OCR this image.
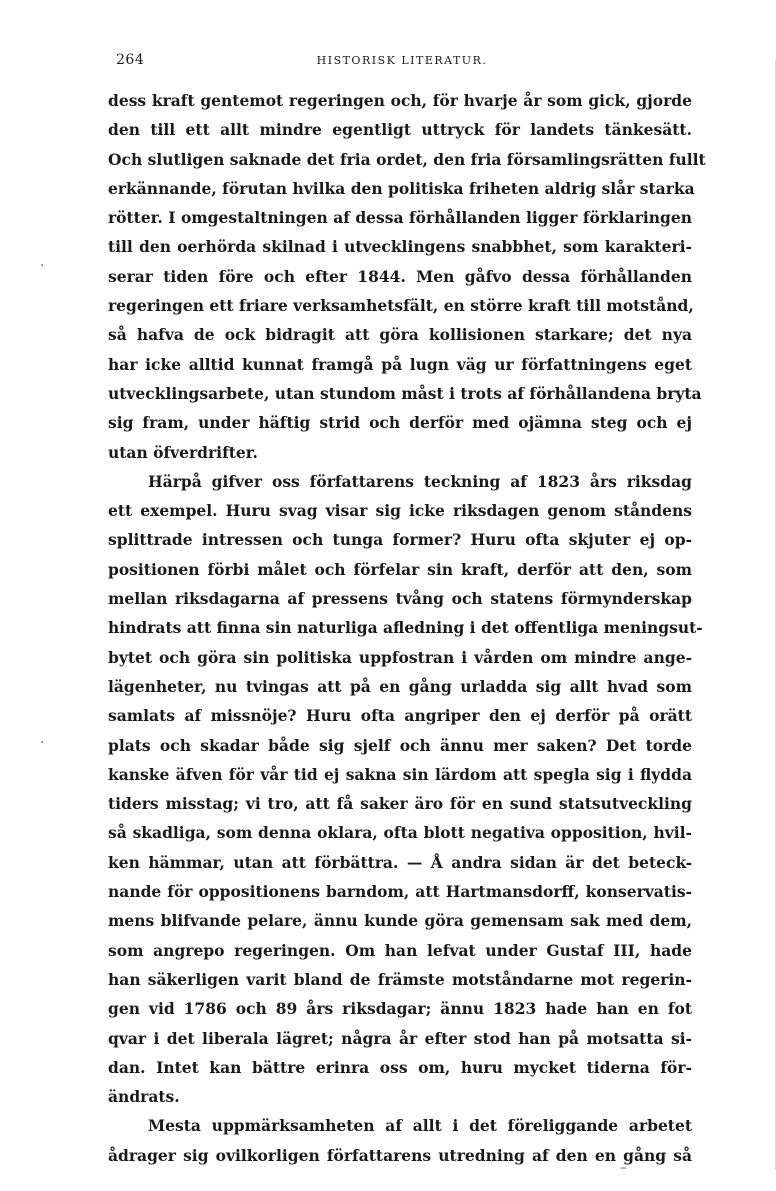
264	HISTORISK LITERATUR.
·
·
–
dess kraft gentemot regeringen och, för hvarje år som gick, gjorde
den till ett allt mindre egentligt uttryck för landets tänkesätt.
Och slutligen saknade det fria ordet, den fria församlingsrätten fullt
erkännande, förutan hvilka den politiska friheten aldrig slår starka
rötter. I omgestaltningen af dessa förhållanden ligger förklaringen
till den oerhörda skilnad i utvecklingens snabbhet, som karakteri-
serar tiden före och efter 1844. Men gåfvo dessa förhållanden
regeringen ett friare verksamhetsfält, en större kraft till motstånd,
så hafva de ock bidragit att göra kollisionen starkare; det nya
har icke alltid kunnat framgå på lugn väg ur författningens eget
utvecklingsarbete, utan stundom måst i trots af förhållandena bryta
sig fram, under häftig strid och derför med ojämna steg och ej
utan öfverdrifter.
Härpå gifver oss författarens teckning af 1823 års riksdag
ett exempel. Huru svag visar sig icke riksdagen genom ståndens
splittrade intressen och tunga former? Huru ofta skjuter ej op-
positionen förbi målet och förfelar sin kraft, derför att den, som
mellan riksdagarna af pressens tvång och statens förmynderskap
hindrats att finna sin naturliga afledning i det offentliga meningsut-
bytet och göra sin politiska uppfostran i vården om mindre ange-
lägenheter, nu tvingas att på en gång urladda sig allt hvad som
samlats af missnöje? Huru ofta angriper den ej derför på orätt
plats och skadar både sig sjelf och ännu mer saken? Det torde
kanske äfven för vår tid ej sakna sin lärdom att spegla sig i flydda
tiders misstag; vi tro, att få saker äro för en sund statsutveckling
så skadliga, som denna oklara, ofta blott negativa opposition, hvil-
ken hämmar, utan att förbättra. — Å andra sidan är det beteck-
nande för oppositionens barndom, att Hartmansdorff, konservatis-
mens blifvande pelare, ännu kunde göra gemensam sak med dem,
som angrepo regeringen. Om han lefvat under Gustaf III, hade
han säkerligen varit bland de främste motståndarne mot regerin-
gen vid 1786 och 89 års riksdagar; ännu 1823 hade han en fot
qvar i det liberala lägret; några år efter stod han på motsatta si-
dan. Intet kan bättre erinra oss om, huru mycket tiderna för-
ändrats.
Mesta uppmärksamheten af allt i det föreliggande arbetet
ådrager sig ovilkorligen författarens utredning af den en gång så
